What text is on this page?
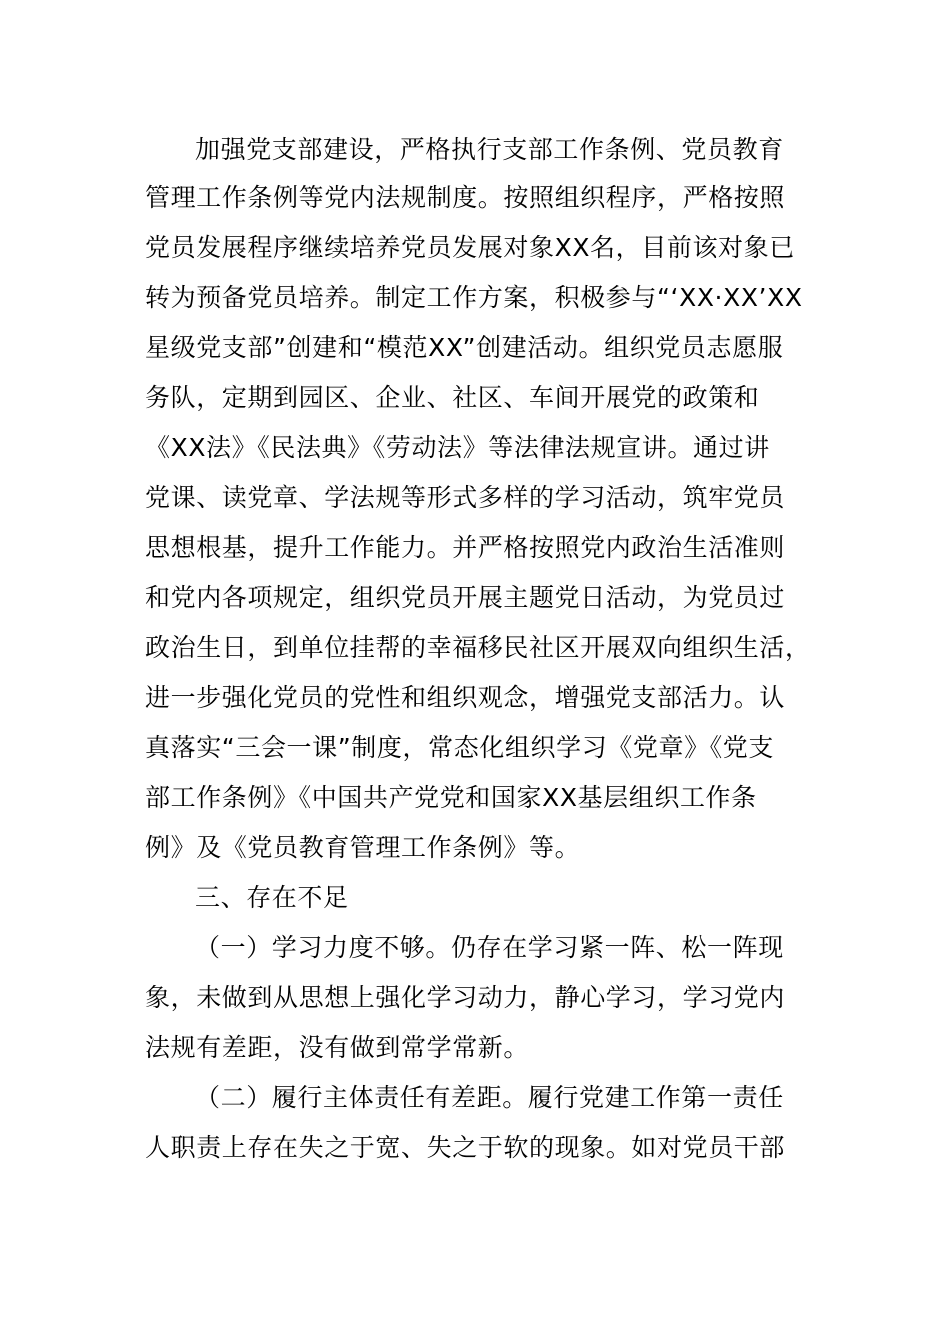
加强党支部建设，严格执行支部工作条例、党员教育
管理工作条例等党内法规制度。按照组织程序，严格按照
党员发展程序继续培养党员发展对象XX名，目前该对象已
转为预备党员培养。制定工作方案，积极参与“‘XX·XX’XX
星级党支部”创建和“模范XX”创建活动。组织党员志愿服
务队，定期到园区、企业、社区、车间开展党的政策和
《XX法》《民法典》《劳动法》等法律法规宣讲。通过讲
党课、读党章、学法规等形式多样的学习活动，筑牢党员
思想根基，提升工作能力。并严格按照党内政治生活准则
和党内各项规定，组织党员开展主题党日活动，为党员过
政治生日，到单位挂帮的幸福移民社区开展双向组织生活，
进一步强化党员的党性和组织观念，增强党支部活力。认
真落实“三会一课”制度，常态化组织学习《党章》《党支
部工作条例》《中国共产党党和国家XX基层组织工作条
例》及《党员教育管理工作条例》等。
三、存在不足
（一）学习力度不够。仍存在学习紧一阵、松一阵现
象，未做到从思想上强化学习动力，静心学习，学习党内
法规有差距，没有做到常学常新。
（二）履行主体责任有差距。履行党建工作第一责任
人职责上存在失之于宽、失之于软的现象。如对党员干部
